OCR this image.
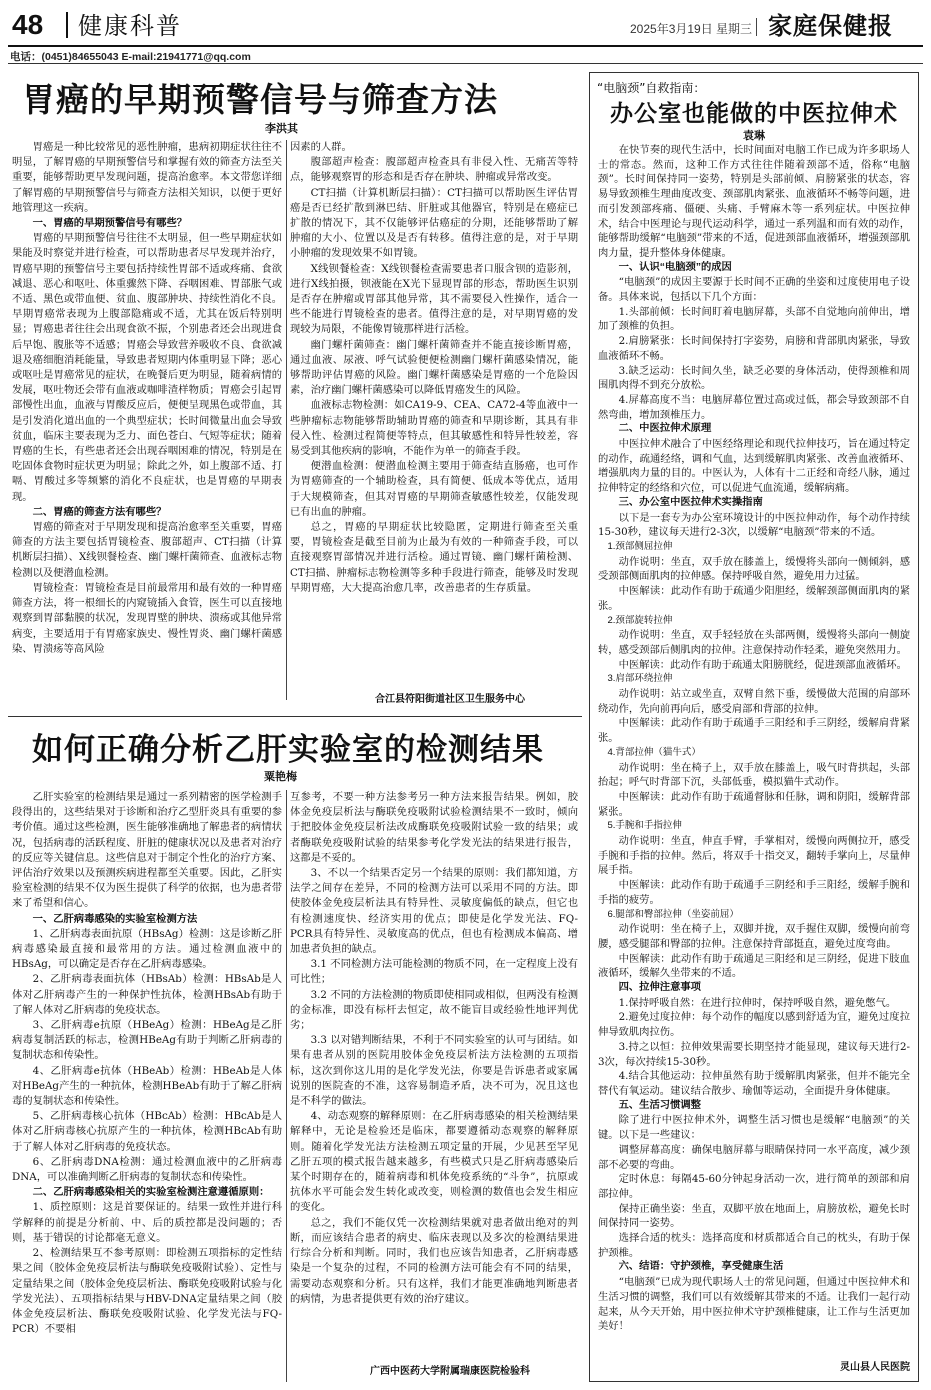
48 健康科普	2025年3月19日 星期三 家庭保健报
电话：(0451)84655043 E-mail:21941771@qq.com
胃癌的早期预警信号与筛查方法
李洪其

胃癌是一种比较常见的恶性肿瘤，患病初期症状往往不明显，了解胃癌的早期预警信号和掌握有效的筛查方法至关重要，能够帮助更早发现问题，提高治愈率。本文带您详细了解胃癌的早期预警信号与筛查方法相关知识，以便于更好地管理这一疾病。

一、胃癌的早期预警信号有哪些？

胃癌的早期预警信号往往不太明显，但一些早期症状如果能及时察觉并进行检查，可以帮助患者尽早发现并治疗，胃癌早期的预警信号主要包括持续性胃部不适或疼痛、食欲减退、恶心和呕吐、体重骤然下降、吞咽困难、胃部胀气或不适、黑色或带血便、贫血、腹部肿块、持续性消化不良。早期胃癌常表现为上腹部隐痛或不适，尤其在饭后特别明显；胃癌患者往往会出现食欲不振，个别患者还会出现进食后早饱、腹胀等不适感；胃癌会导致营养吸收不良、食欲减退及癌细胞消耗能量，导致患者短期内体重明显下降；恶心或呕吐是胃癌常见的症状，在晚餐后更为明显，随着病情的发展，呕吐物还会带有血液或咖啡渣样物质；胃癌会引起胃部慢性出血，血液与胃酸反应后，便便呈现黑色或带血，其是引发消化道出血的一个典型症状；长时间微量出血会导致贫血，临床主要表现为乏力、面色苍白、气短等症状；随着胃癌的生长，有些患者还会出现吞咽困难的情况，特别是在吃固体食物时症状更为明显；除此之外，如上腹部不适、打嗝、胃酸过多等频繁的消化不良症状，也是胃癌的早期表现。

二、胃癌的筛查方法有哪些？

胃癌的筛查对于早期发现和提高治愈率至关重要，胃癌筛查的方法主要包括胃镜检查、腹部超声、CT扫描（计算机断层扫描）、X线钡餐检查、幽门螺杆菌筛查、血液标志物检测以及便潜血检测。

胃镜检查：胃镜检查是目前最常用和最有效的一种胃癌筛查方法，将一根细长的内窥镜插入食管，医生可以直接地观察到胃部黏膜的状况，发现胃壁的肿块、溃疡或其他异常病变，主要适用于有胃癌家族史、慢性胃炎、幽门螺杆菌感染、胃溃疡等高风险

因素的人群。

腹部超声检查：腹部超声检查具有非侵入性、无痛苦等特点，能够观察胃的形态和是否存在肿块、肿瘤或异常改变。

CT扫描（计算机断层扫描）：CT扫描可以帮助医生评估胃癌是否已经扩散到淋巴结、肝脏或其他器官，特别是在癌症已扩散的情况下，其不仅能够评估癌症的分期，还能够帮助了解肿瘤的大小、位置以及是否有转移。值得注意的是，对于早期小肿瘤的发现效果不如胃镜。

X线钡餐检查：X线钡餐检查需要患者口服含钡的造影剂，进行X线拍摄，钡液能在X光下显现胃部的形态，帮助医生识别是否存在肿瘤或胃部其他异常，其不需要侵入性操作，适合一些不能进行胃镜检查的患者。值得注意的是，对早期胃癌的发现较为局限，不能像胃镜那样进行活检。

幽门螺杆菌筛查：幽门螺杆菌筛查并不能直接诊断胃癌，通过血液、尿液、呼气试验便便检测幽门螺杆菌感染情况，能够帮助评估胃癌的风险。幽门螺杆菌感染是胃癌的一个危险因素，治疗幽门螺杆菌感染可以降低胃癌发生的风险。

血液标志物检测：如CA19-9、CEA、CA72-4等血液中一些肿瘤标志物能够帮助辅助胃癌的筛查和早期诊断，其具有非侵入性、检测过程简便等特点，但其敏感性和特异性较差，容易受到其他疾病的影响，不能作为单一的筛查手段。

便潜血检测：便潜血检测主要用于筛查结直肠癌，也可作为胃癌筛查的一个辅助检查，具有简便、低成本等优点，适用于大规模筛查，但其对胃癌的早期筛查敏感性较差，仅能发现已有出血的肿瘤。

总之，胃癌的早期症状比较隐匿，定期进行筛查至关重要，胃镜检查是截至目前为止最为有效的一种筛查手段，可以直接观察胃部情况并进行活检。通过胃镜、幽门螺杆菌检测、CT扫描、肿瘤标志物检测等多种手段进行筛查，能够及时发现早期胃癌，大大提高治愈几率，改善患者的生存质量。

合江县符阳街道社区卫生服务中心
如何正确分析乙肝实验室的检测结果
粟艳梅

乙肝实验室的检测结果是通过一系列精密的医学检测手段得出的，这些结果对于诊断和治疗乙型肝炎具有重要的参考价值。通过这些检测，医生能够准确地了解患者的病情状况，包括病毒的活跃程度、肝脏的健康状况以及患者对治疗的反应等关键信息。这些信息对于制定个性化的治疗方案、评估治疗效果以及预测疾病进程都至关重要。因此，乙肝实验室检测的结果不仅为医生提供了科学的依据，也为患者带来了希望和信心。

一、乙肝病毒感染的实验室检测方法

1、乙肝病毒表面抗原（HBsAg）检测：这是诊断乙肝病毒感染最直接和最常用的方法。通过检测血液中的HBsAg，可以确定是否存在乙肝病毒感染。

2、乙肝病毒表面抗体（HBsAb）检测：HBsAb是人体对乙肝病毒产生的一种保护性抗体，检测HBsAb有助于了解人体对乙肝病毒的免疫状态。

3、乙肝病毒e抗原（HBeAg）检测：HBeAg是乙肝病毒复制活跃的标志，检测HBeAg有助于判断乙肝病毒的复制状态和传染性。

4、乙肝病毒e抗体（HBeAb）检测：HBeAb是人体对HBeAg产生的一种抗体，检测HBeAb有助于了解乙肝病毒的复制状态和传染性。

5、乙肝病毒核心抗体（HBcAb）检测：HBcAb是人体对乙肝病毒核心抗原产生的一种抗体，检测HBcAb有助于了解人体对乙肝病毒的免疫状态。

6、乙肝病毒DNA检测：通过检测血液中的乙肝病毒DNA，可以准确判断乙肝病毒的复制状态和传染性。

二、乙肝病毒感染相关的实验室检测注意遵循原则：

1、质控原则：这是首要保证的。结果一致性并进行科学解释的前提是分析前、中、后的质控都是没问题的；否则，基于错误的讨论都毫无意义。

2、检测结果互不参考原则：即检测五项指标的定性结果之间（胶体金免疫层析法与酶联免疫吸附试验）、定性与定量结果之间（胶体金免疫层析法、酶联免疫吸附试验与化学发光法）、五项指标结果与HBV-DNA定量结果之间（胶体金免疫层析法、酶联免疫吸附试验、化学发光法与FQ-PCR）不要相

互参考，不要一种方法参考另一种方法来报告结果。例如，胶体金免疫层析法与酶联免疫吸附试验检测结果不一致时，倾向于把胶体金免疫层析法改成酶联免疫吸附试验一致的结果；或者酶联免疫吸附试验的结果参考化学发光法的结果进行报告，这都是不妥的。

3、不以一个结果否定另一个结果的原则：我们都知道，方法学之间存在差异，不同的检测方法可以采用不同的方法。即使胶体金免疫层析法具有特异性、灵敏度偏低的缺点，但它也有检测速度快、经济实用的优点；即使是化学发光法、FQ-PCR具有特异性、灵敏度高的优点，但也有检测成本偏高、增加患者负担的缺点。

3.1 不同检测方法可能检测的物质不同，在一定程度上没有可比性；

3.2 不同的方法检测的物质即使相同或相似，但两没有检测的金标准，即没有标杆去恒定，故不能盲目或经验性地评判优劣；

3.3 以对错判断结果，不利于不同实验室的认可与团结。如果有患者从别的医院用胶体金免疫层析法方法检测的五项指标，这次到你这儿用的是化学发光法，你要是告诉患者或家属说别的医院查的不准，这容易制造矛盾，决不可为，况且这也是不科学的做法。

4、动态观察的解释原则：在乙肝病毒感染的相关检测结果解释中，无论是检验还是临床，都要遵循动态观察的解释原则。随着化学发光法方法检测五项定量的开展，少见甚至罕见乙肝五项的模式报告越来越多，有些模式只是乙肝病毒感染后某个时期存在的，随着病毒和机体免疫系统的“斗争”，抗原或抗体水平可能会发生转化或改变，则检测的数值也会发生相应的变化。

总之，我们不能仅凭一次检测结果就对患者做出绝对的判断，而应该结合患者的病史、临床表现以及多次的检测结果进行综合分析和判断。同时，我们也应该告知患者，乙肝病毒感染是一个复杂的过程，不同的检测方法可能会有不同的结果，需要动态观察和分析。只有这样，我们才能更准确地判断患者的病情，为患者提供更有效的治疗建议。

广西中医药大学附属瑞康医院检验科
“电脑颈”自救指南：
办公室也能做的中医拉伸术
袁琳

在快节奏的现代生活中，长时间面对电脑工作已成为许多职场人士的常态。然而，这种工作方式往往伴随着颈部不适，俗称“电脑颈”。长时间保持同一姿势，特别是头部前倾、肩膀紧张的状态，容易导致颈椎生理曲度改变、颈部肌肉紧张、血液循环不畅等问题，进而引发颈部疼痛、僵硬、头痛、手臂麻木等一系列症状。中医拉伸术，结合中医理论与现代运动科学，通过一系列温和而有效的动作，能够帮助缓解“电脑颈”带来的不适，促进颈部血液循环，增强颈部肌肉力量，提升整体身体健康。

一、认识“电脑颈”的成因

“电脑颈”的成因主要源于长时间不正确的坐姿和过度使用电子设备。具体来说，包括以下几个方面：

1.头部前倾：长时间盯着电脑屏幕，头部不自觉地向前伸出，增加了颈椎的负担。

2.肩膀紧张：长时间保持打字姿势，肩膀和背部肌肉紧张，导致血液循环不畅。

3.缺乏运动：长时间久坐，缺乏必要的身体活动，使得颈椎和周围肌肉得不到充分放松。

4.屏幕高度不当：电脑屏幕位置过高或过低，都会导致颈部不自然弯曲，增加颈椎压力。

二、中医拉伸术原理

中医拉伸术融合了中医经络理论和现代拉伸技巧，旨在通过特定的动作，疏通经络，调和气血，达到缓解肌肉紧张、改善血液循环、增强肌肉力量的目的。中医认为，人体有十二正经和奇经八脉，通过拉伸特定的经络和穴位，可以促进气血流通，缓解病痛。

三、办公室中医拉伸术实操指南

以下是一套专为办公室环境设计的中医拉伸动作，每个动作持续15-30秒，建议每天进行2-3次，以缓解“电脑颈”带来的不适。

1.颈部侧屈拉伸

动作说明：坐直，双手放在膝盖上，缓慢将头部向一侧倾斜，感受颈部侧面肌肉的拉伸感。保持呼吸自然，避免用力过猛。

中医解读：此动作有助于疏通少阳胆经，缓解颈部侧面肌肉的紧张。

2.颈部旋转拉伸

动作说明：坐直，双手轻轻放在头部两侧，缓慢将头部向一侧旋转，感受颈部后侧肌肉的拉伸。注意保持动作轻柔，避免突然用力。

中医解读：此动作有助于疏通太阳膀胱经，促进颈部血液循环。

3.肩部环绕拉伸

动作说明：站立或坐直，双臂自然下垂，缓慢做大范围的肩部环绕动作，先向前再向后，感受肩部和背部的拉伸。

中医解读：此动作有助于疏通手三阳经和手三阴经，缓解肩背紧张。

4.背部拉伸（猫牛式）

动作说明：坐在椅子上，双手放在膝盖上，吸气时背拱起，头部抬起；呼气时背部下沉，头部低垂，模拟猫牛式动作。

中医解读：此动作有助于疏通督脉和任脉，调和阴阳，缓解背部紧张。

5.手腕和手指拉伸

动作说明：坐直，伸直手臂，手掌相对，缓慢向两侧拉开，感受手腕和手指的拉伸。然后，将双手十指交叉，翻转手掌向上，尽量伸展手指。

中医解读：此动作有助于疏通手三阴经和手三阳经，缓解手腕和手指的疲劳。

6.腿部和臀部拉伸（坐姿前屈）

动作说明：坐在椅子上，双脚并拢，双手握住双脚，缓慢向前弯腰，感受腿部和臀部的拉伸。注意保持背部挺直，避免过度弯曲。

中医解读：此动作有助于疏通足三阳经和足三阴经，促进下肢血液循环，缓解久坐带来的不适。

四、拉伸注意事项

1.保持呼吸自然：在进行拉伸时，保持呼吸自然，避免憋气。

2.避免过度拉伸：每个动作的幅度以感到舒适为宜，避免过度拉伸导致肌肉拉伤。

3.持之以恒：拉伸效果需要长期坚持才能显现，建议每天进行2-3次，每次持续15-30秒。

4.结合其他运动：拉伸虽然有助于缓解肌肉紧张，但并不能完全替代有氧运动。建议结合散步、瑜伽等运动，全面提升身体健康。

五、生活习惯调整

除了进行中医拉伸术外，调整生活习惯也是缓解“电脑颈”的关键。以下是一些建议：

调整屏幕高度：确保电脑屏幕与眼睛保持同一水平高度，减少颈部不必要的弯曲。

定时休息：每隔45-60分钟起身活动一次，进行简单的颈部和肩部拉伸。

保持正确坐姿：坐直，双脚平放在地面上，肩膀放松，避免长时间保持同一姿势。

选择合适的枕头：选择高度和材质都适合自己的枕头，有助于保护颈椎。

六、结语：守护颈椎，享受健康生活

“电脑颈”已成为现代职场人士的常见问题，但通过中医拉伸术和生活习惯的调整，我们可以有效缓解其带来的不适。让我们一起行动起来，从今天开始，用中医拉伸术守护颈椎健康，让工作与生活更加美好！

灵山县人民医院
